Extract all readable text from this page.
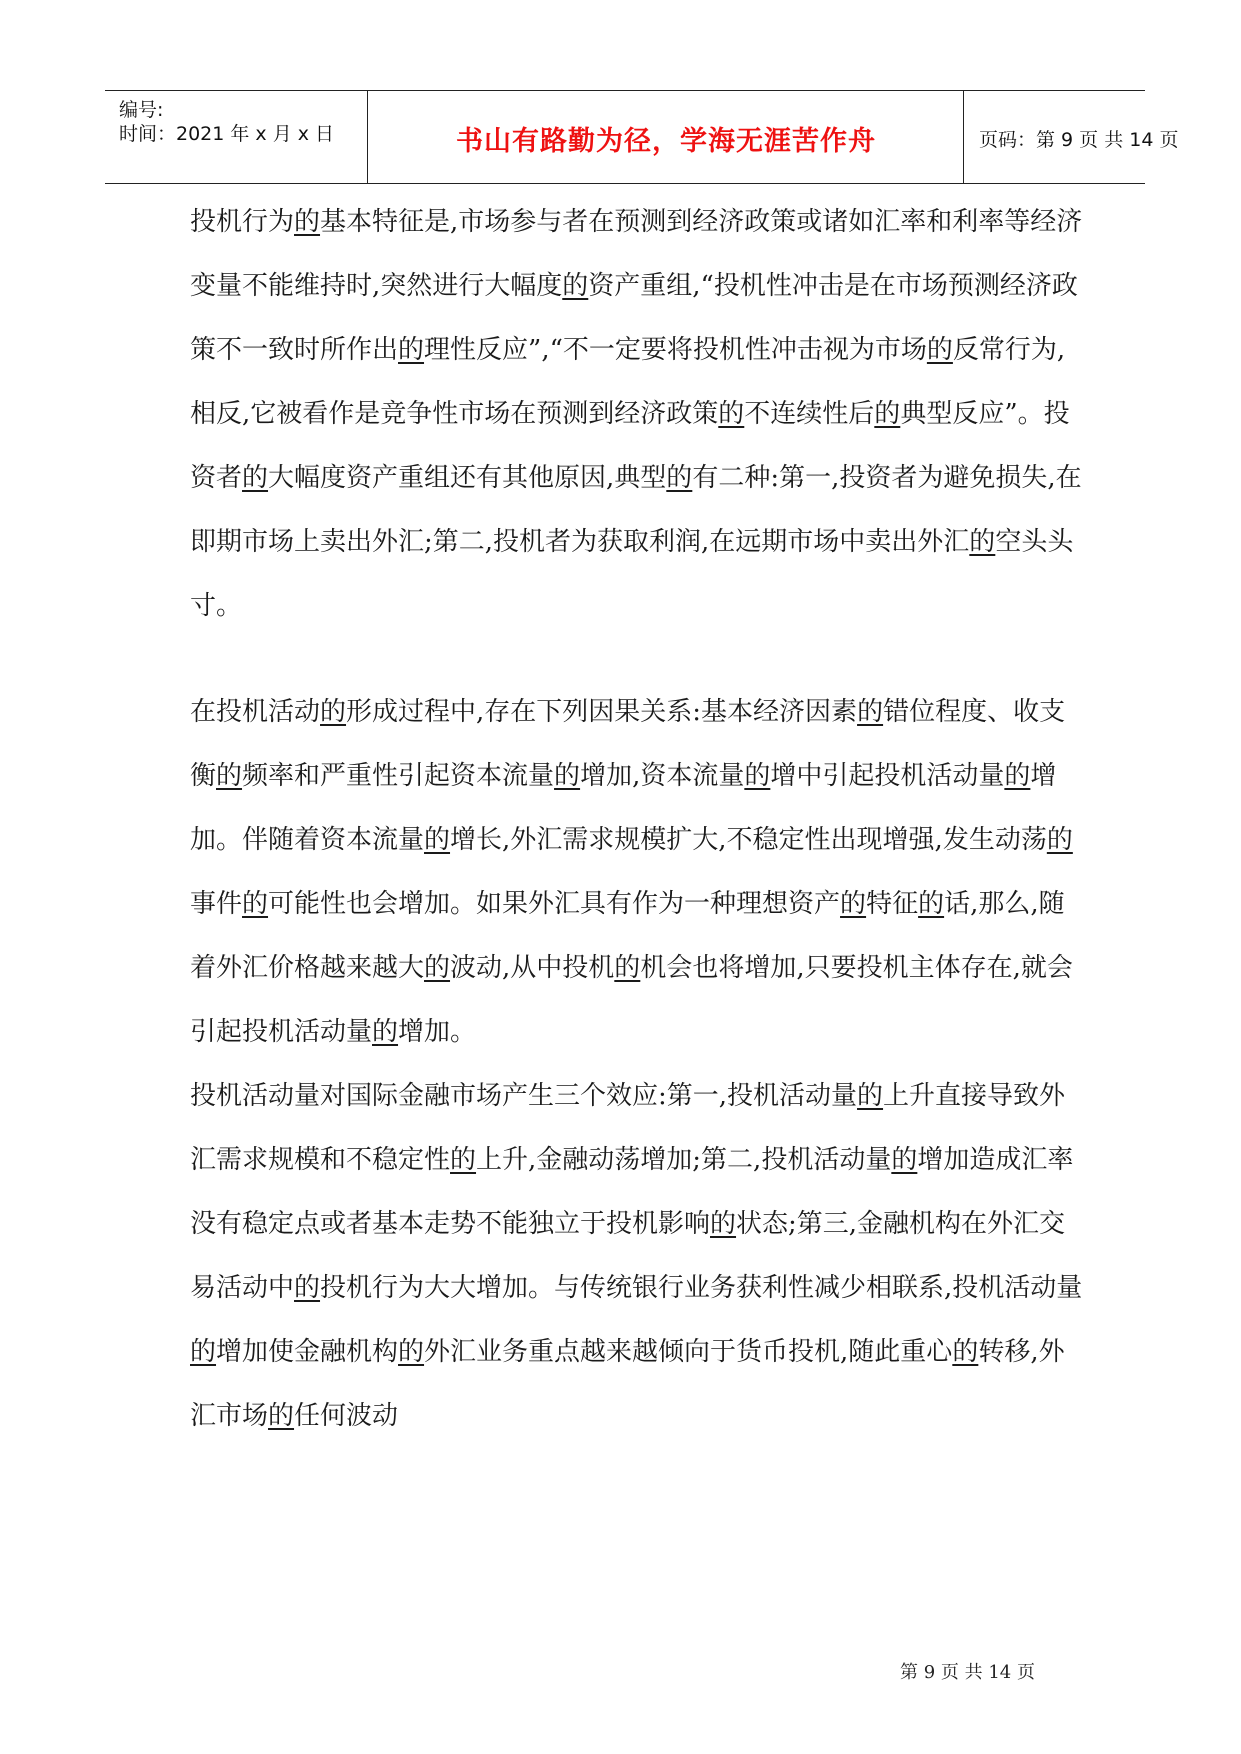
编号:
时间：2021 年 x 月 x 日	书山有路勤为径，学海无涯苦作舟	页码：第 9 页 共 14 页

投机行为的基本特征是,市场参与者在预测到经济政策或诸如汇率和利率等经济变量不能维持时,突然进行大幅度的资产重组,“投机性冲击是在市场预测经济政策不一致时所作出的理性反应”,“不一定要将投机性冲击视为市场的反常行为,相反,它被看作是竞争性市场在预测到经济政策的不连续性后的典型反应”。投资者的大幅度资产重组还有其他原因,典型的有二种:第一,投资者为避免损失,在即期市场上卖出外汇;第二,投机者为获取利润,在远期市场中卖出外汇的空头头寸。

在投机活动的形成过程中,存在下列因果关系:基本经济因素的错位程度、收支衡的频率和严重性引起资本流量的增加,资本流量的增中引起投机活动量的增加。伴随着资本流量的增长,外汇需求规模扩大,不稳定性出现增强,发生动荡的事件的可能性也会增加。如果外汇具有作为一种理想资产的特征的话,那么,随着外汇价格越来越大的波动,从中投机的机会也将增加,只要投机主体存在,就会引起投机活动量的增加。

投机活动量对国际金融市场产生三个效应:第一,投机活动量的上升直接导致外汇需求规模和不稳定性的上升,金融动荡增加;第二,投机活动量的增加造成汇率没有稳定点或者基本走势不能独立于投机影响的状态;第三,金融机构在外汇交易活动中的投机行为大大增加。与传统银行业务获利性减少相联系,投机活动量的增加使金融机构的外汇业务重点越来越倾向于货币投机,随此重心的转移,外汇市场的任何波动

第 9 页 共 14 页
